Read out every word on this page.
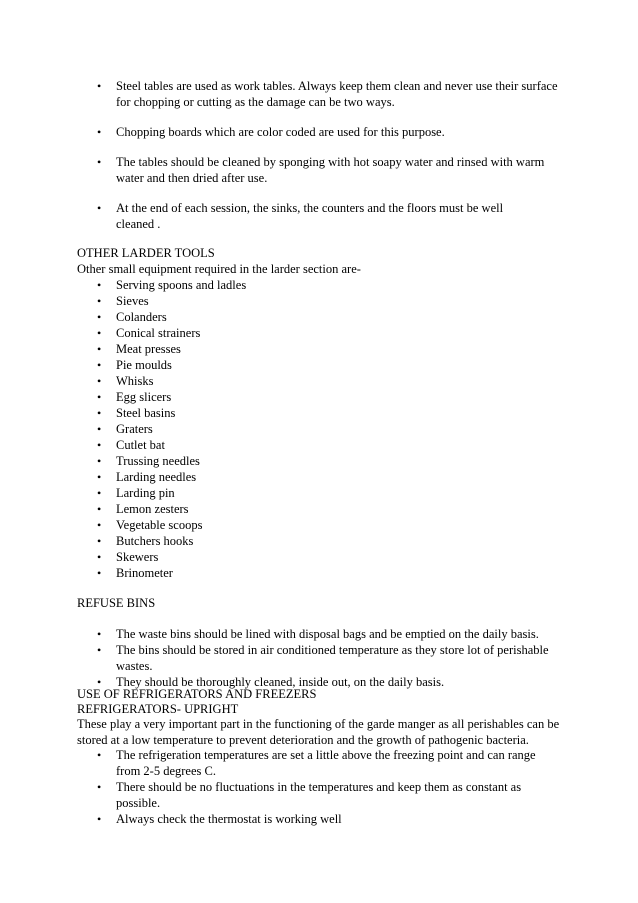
• Steel tables are used as work tables. Always keep them clean and never use their surface for chopping or cutting as the damage can be two ways.
• Chopping boards which are color coded are used for this purpose.
• The tables should be cleaned by sponging with hot soapy water and rinsed with warm water and then dried after use.
• At the end of each session, the sinks, the counters and the floors must be well cleaned .
OTHER LARDER TOOLS
Other small equipment required in the larder section are-
• Serving spoons and ladles
• Sieves
• Colanders
• Conical strainers
• Meat presses
• Pie moulds
• Whisks
• Egg slicers
• Steel basins
• Graters
• Cutlet bat
• Trussing needles
• Larding needles
• Larding pin
• Lemon zesters
• Vegetable scoops
• Butchers hooks
• Skewers
• Brinometer
REFUSE BINS
• The waste bins should be lined with disposal bags and be emptied on the daily basis.
• The bins should be stored in air conditioned temperature as they store lot of perishable wastes.
• They should be thoroughly cleaned, inside out, on the daily basis.
USE OF REFRIGERATORS AND FREEZERS
REFRIGERATORS- UPRIGHT
These play a very important part in the functioning of the garde manger as all perishables can be stored at a low temperature to prevent deterioration and the growth of pathogenic bacteria.
• The refrigeration temperatures are set a little above the freezing point and can range from 2-5 degrees C.
• There should be no fluctuations in the temperatures and keep them as constant as possible.
• Always check the thermostat is working well
